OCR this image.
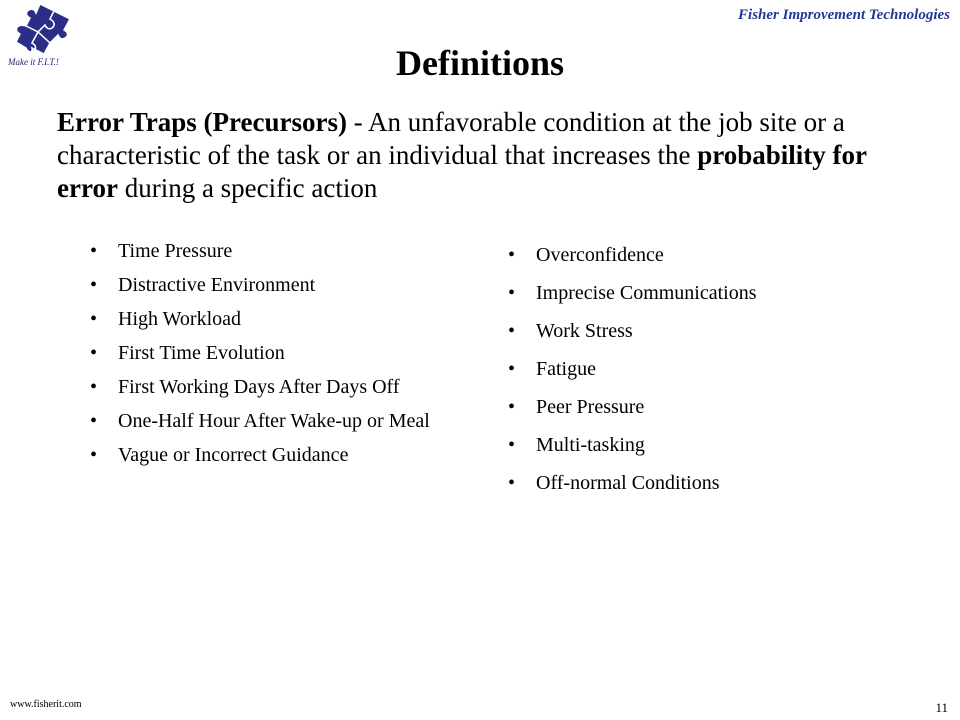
Make it F.I.T.!
Fisher Improvement Technologies
Definitions
Error Traps (Precursors) - An unfavorable condition at the job site or a characteristic of the task or an individual that increases the probability for error during a specific action
• Time Pressure
• Distractive Environment
• High Workload
• First Time Evolution
• First Working Days After Days Off
• One-Half Hour After Wake-up or Meal
• Vague or Incorrect Guidance
• Overconfidence
• Imprecise Communications
• Work Stress
• Fatigue
• Peer Pressure
• Multi-tasking
• Off-normal Conditions
www.fisherit.com	11
